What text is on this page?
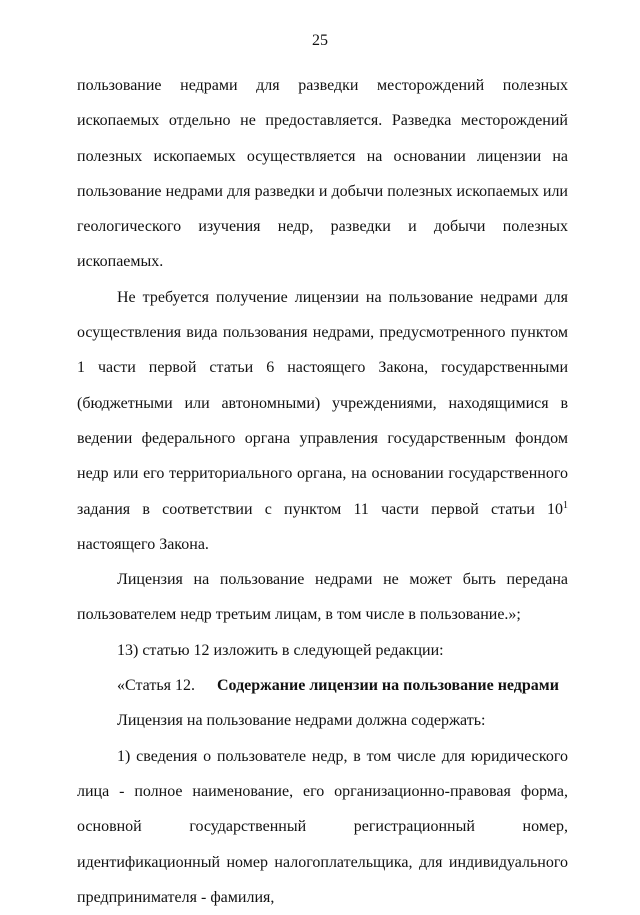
25

пользование недрами для разведки месторождений полезных ископаемых отдельно не предоставляется. Разведка месторождений полезных ископаемых осуществляется на основании лицензии на пользование недрами для разведки и добычи полезных ископаемых или геологического изучения недр, разведки и добычи полезных ископаемых.

Не требуется получение лицензии на пользование недрами для осуществления вида пользования недрами, предусмотренного пунктом 1 части первой статьи 6 настоящего Закона, государственными (бюджетными или автономными) учреждениями, находящимися в ведении федерального органа управления государственным фондом недр или его территориального органа, на основании государственного задания в соответствии с пунктом 11 части первой статьи $10^1$ настоящего Закона.

Лицензия на пользование недрами не может быть передана пользователем недр третьим лицам, в том числе в пользование.»;

13) статью 12 изложить в следующей редакции:

«Статья 12. Содержание лицензии на пользование недрами

Лицензия на пользование недрами должна содержать:

1) сведения о пользователе недр, в том числе для юридического лица - полное наименование, его организационно-правовая форма, основной государственный регистрационный номер, идентификационный номер налогоплательщика, для индивидуального предпринимателя - фамилия,
